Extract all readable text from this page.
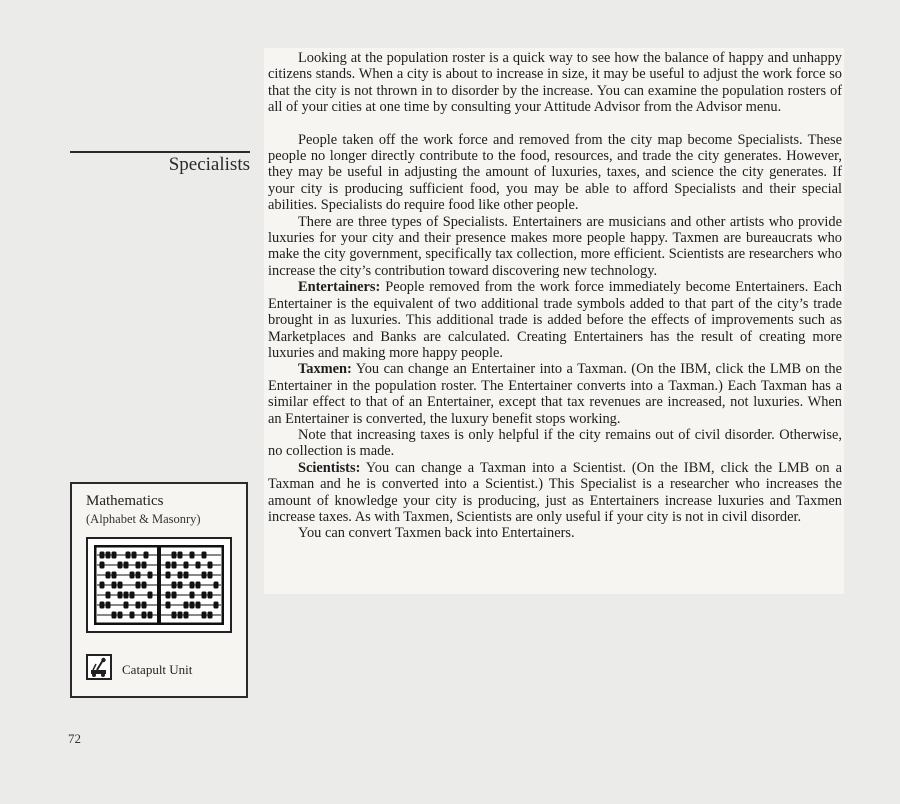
Looking at the population roster is a quick way to see how the balance of happy and unhappy citizens stands. When a city is about to increase in size, it may be useful to adjust the work force so that the city is not thrown in to disorder by the increase. You can examine the population rosters of all of your cities at one time by consulting your Attitude Advisor from the Advisor menu.

People taken off the work force and removed from the city map become Specialists. These people no longer directly contribute to the food, resources, and trade the city generates. However, they may be useful in adjusting the amount of luxuries, taxes, and science the city generates. If your city is producing sufficient food, you may be able to afford Specialists and their special abilities. Specialists do require food like other people.

There are three types of Specialists. Entertainers are musicians and other artists who provide luxuries for your city and their presence makes more people happy. Taxmen are bureaucrats who make the city government, specifically tax collection, more efficient. Scientists are researchers who increase the city’s contribution toward discovering new technology.

Entertainers: People removed from the work force immediately become Entertainers. Each Entertainer is the equivalent of two additional trade symbols added to that part of the city’s trade brought in as luxuries. This additional trade is added before the effects of improvements such as Marketplaces and Banks are calculated. Creating Entertainers has the result of creating more luxuries and making more happy people.

Taxmen: You can change an Entertainer into a Taxman. (On the IBM, click the LMB on the Entertainer in the population roster. The Entertainer converts into a Taxman.) Each Taxman has a similar effect to that of an Entertainer, except that tax revenues are increased, not luxuries. When an Entertainer is converted, the luxury benefit stops working.

Note that increasing taxes is only helpful if the city remains out of civil disorder. Otherwise, no collection is made.

Scientists: You can change a Taxman into a Scientist. (On the IBM, click the LMB on a Taxman and he is converted into a Scientist.) This Specialist is a researcher who increases the amount of knowledge your city is producing, just as Entertainers increase luxuries and Taxmen increase taxes. As with Taxmen, Scientists are only useful if your city is not in civil disorder.

You can convert Taxmen back into Entertainers.

Specialists
Mathematics
(Alphabet & Masonry)
Catapult Unit
72
